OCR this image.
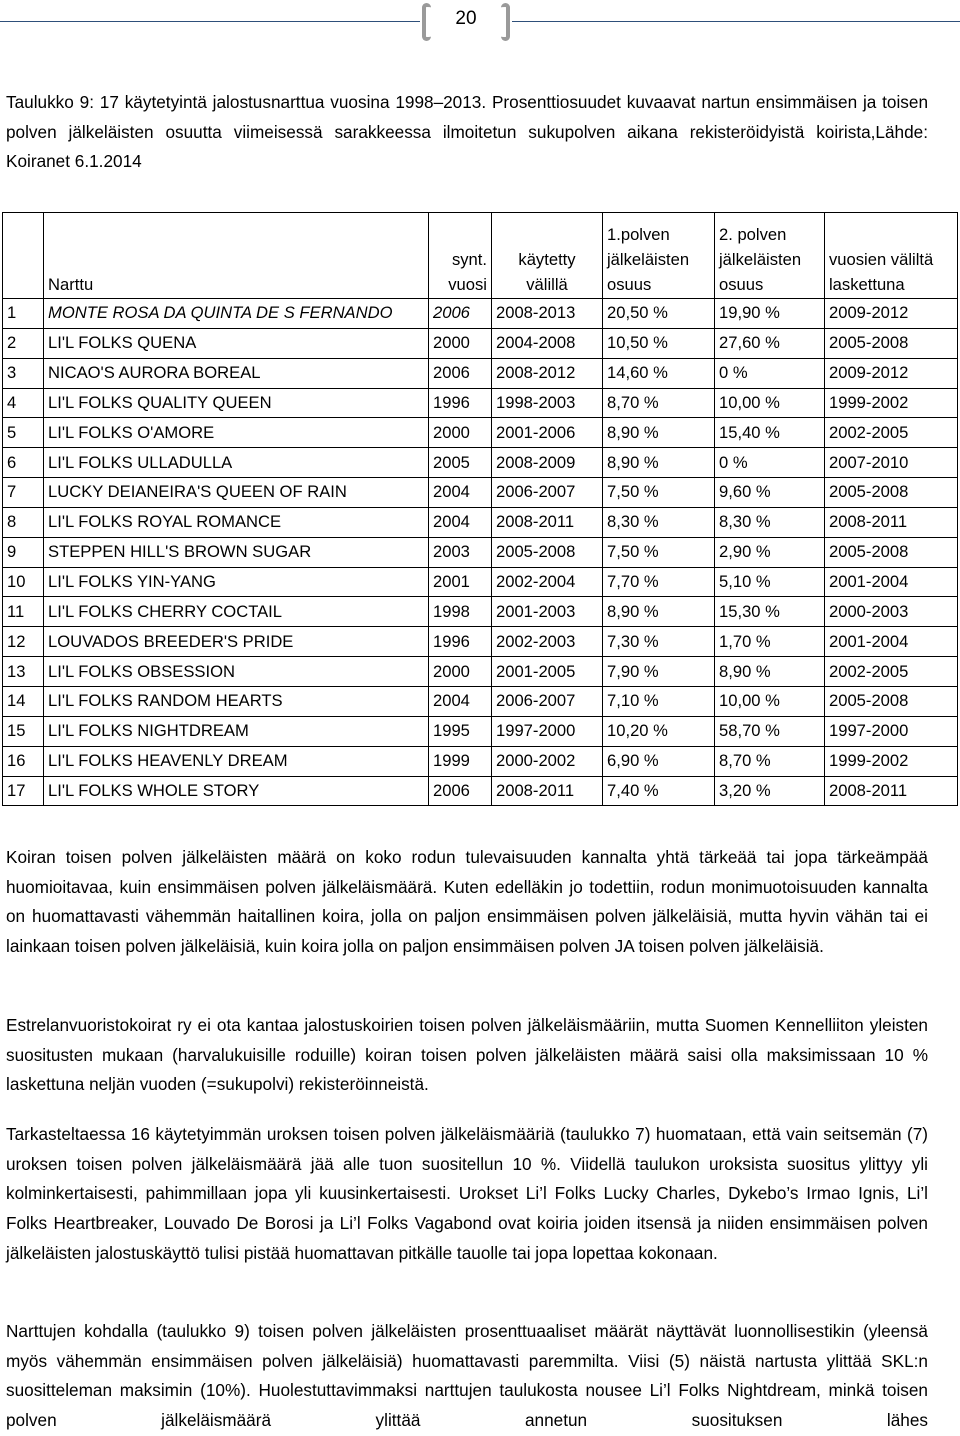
20

Taulukko 9: 17 käytetyintä jalostusnarttua vuosina 1998–2013. Prosenttiosuudet kuvaavat nartun ensimmäisen ja toisen polven jälkeläisten osuutta viimeisessä sarakkeessa ilmoitetun sukupolven aikana rekisteröidyistä koirista,Lähde: Koiranet 6.1.2014

	Narttu	synt. vuosi	käytetty välillä	1.polven jälkeläisten osuus	2. polven jälkeläisten osuus	vuosien väliltä laskettuna
1	MONTE ROSA DA QUINTA DE S FERNANDO	2006	2008-2013	20,50 %	19,90 %	2009-2012
2	LI'L FOLKS QUENA	2000	2004-2008	10,50 %	27,60 %	2005-2008
3	NICAO'S AURORA BOREAL	2006	2008-2012	14,60 %	0 %	2009-2012
4	LI'L FOLKS QUALITY QUEEN	1996	1998-2003	8,70 %	10,00 %	1999-2002
5	LI'L FOLKS O'AMORE	2000	2001-2006	8,90 %	15,40 %	2002-2005
6	LI'L FOLKS ULLADULLA	2005	2008-2009	8,90 %	0 %	2007-2010
7	LUCKY DEIANEIRA'S QUEEN OF RAIN	2004	2006-2007	7,50 %	9,60 %	2005-2008
8	LI'L FOLKS ROYAL ROMANCE	2004	2008-2011	8,30 %	8,30 %	2008-2011
9	STEPPEN HILL'S BROWN SUGAR	2003	2005-2008	7,50 %	2,90 %	2005-2008
10	LI'L FOLKS YIN-YANG	2001	2002-2004	7,70 %	5,10 %	2001-2004
11	LI'L FOLKS CHERRY COCTAIL	1998	2001-2003	8,90 %	15,30 %	2000-2003
12	LOUVADOS BREEDER'S PRIDE	1996	2002-2003	7,30 %	1,70 %	2001-2004
13	LI'L FOLKS OBSESSION	2000	2001-2005	7,90 %	8,90 %	2002-2005
14	LI'L FOLKS RANDOM HEARTS	2004	2006-2007	7,10 %	10,00 %	2005-2008
15	LI'L FOLKS NIGHTDREAM	1995	1997-2000	10,20 %	58,70 %	1997-2000
16	LI'L FOLKS HEAVENLY DREAM	1999	2000-2002	6,90 %	8,70 %	1999-2002
17	LI'L FOLKS WHOLE STORY	2006	2008-2011	7,40 %	3,20 %	2008-2011

Koiran toisen polven jälkeläisten määrä on koko rodun tulevaisuuden kannalta yhtä tärkeää tai jopa tärkeämpää huomioitavaa, kuin ensimmäisen polven jälkeläismäärä. Kuten edelläkin jo todettiin, rodun monimuotoisuuden kannalta on huomattavasti vähemmän haitallinen koira, jolla on paljon ensimmäisen polven jälkeläisiä, mutta hyvin vähän tai ei lainkaan toisen polven jälkeläisiä, kuin koira jolla on paljon ensimmäisen polven JA toisen polven jälkeläisiä.

Estrelanvuoristokoirat ry ei ota kantaa jalostuskoirien toisen polven jälkeläismääriin, mutta Suomen Kennelliiton yleisten suositusten mukaan (harvalukuisille roduille) koiran toisen polven jälkeläisten määrä saisi olla maksimissaan 10 % laskettuna neljän vuoden (=sukupolvi) rekisteröinneistä.

Tarkasteltaessa 16 käytetyimmän uroksen toisen polven jälkeläismääriä (taulukko 7) huomataan, että vain seitsemän (7) uroksen toisen polven jälkeläismäärä jää alle tuon suositellun 10 %. Viidellä taulukon uroksista suositus ylittyy yli kolminkertaisesti, pahimmillaan jopa yli kuusinkertaisesti. Urokset Li’l Folks Lucky Charles, Dykebo’s Irmao Ignis, Li’l Folks Heartbreaker, Louvado De Borosi ja Li’l Folks Vagabond ovat koiria joiden itsensä ja niiden ensimmäisen polven jälkeläisten jalostuskäyttö tulisi pistää huomattavan pitkälle tauolle tai jopa lopettaa kokonaan.

Narttujen kohdalla (taulukko 9) toisen polven jälkeläisten prosenttuaaliset määrät näyttävät luonnollisestikin (yleensä myös vähemmän ensimmäisen polven jälkeläisiä) huomattavasti paremmilta. Viisi (5) näistä nartusta ylittää SKL:n suositteleman maksimin (10%). Huolestuttavimmaksi narttujen taulukosta nousee Li’l Folks Nightdream, minkä toisen polven jälkeläismäärä ylittää annetun suosituksen lähes
